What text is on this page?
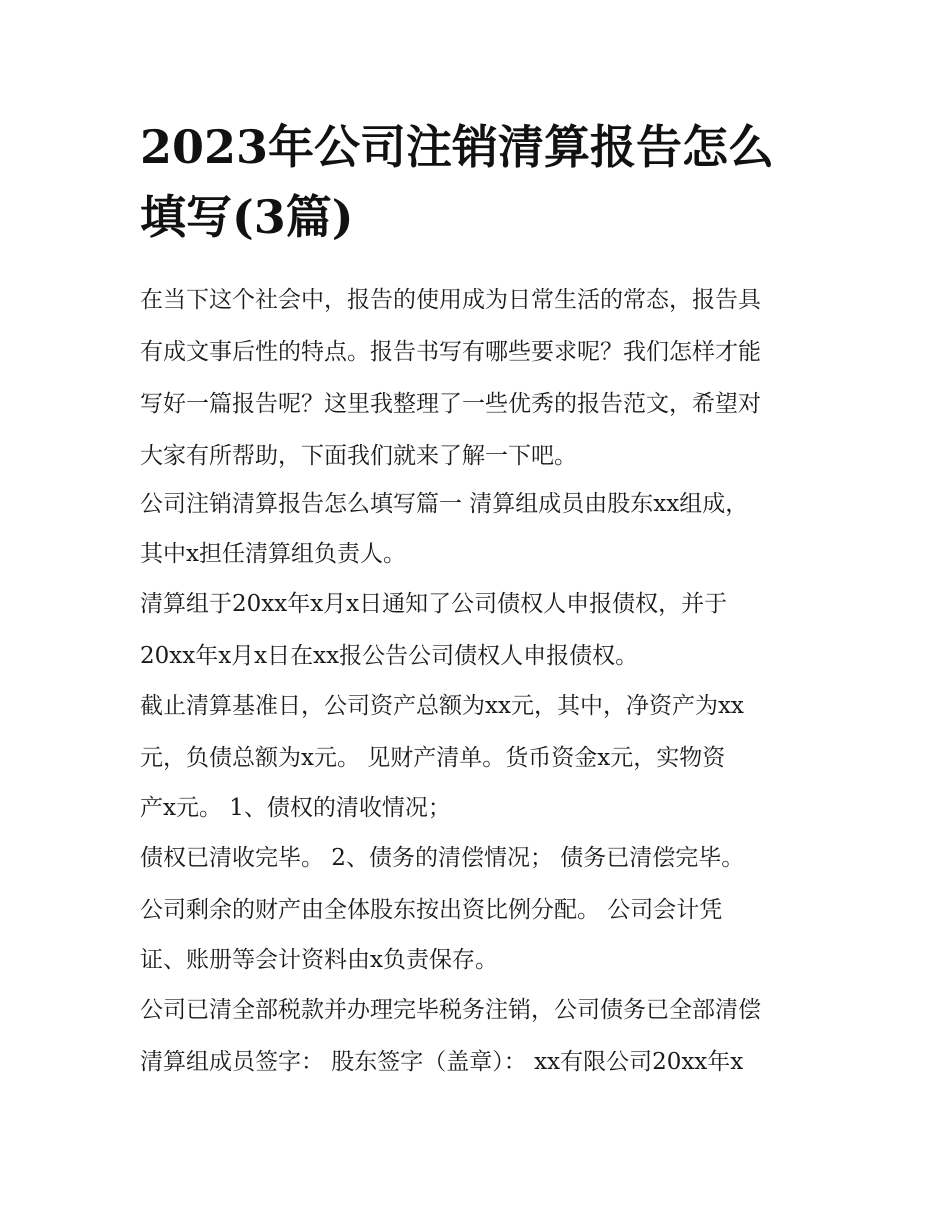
2023年公司注销清算报告怎么
填写(3篇)

在当下这个社会中，报告的使用成为日常生活的常态，报告具

有成文事后性的特点。报告书写有哪些要求呢？我们怎样才能

写好一篇报告呢？这里我整理了一些优秀的报告范文，希望对

大家有所帮助，下面我们就来了解一下吧。

公司注销清算报告怎么填写篇一 清算组成员由股东xx组成，

其中x担任清算组负责人。

清算组于20xx年x月x日通知了公司债权人申报债权，并于

20xx年x月x日在xx报公告公司债权人申报债权。

截止清算基准日，公司资产总额为xx元，其中，净资产为xx

元，负债总额为x元。 见财产清单。货币资金x元，实物资

产x元。 1、债权的清收情况；

债权已清收完毕。 2、债务的清偿情况； 债务已清偿完毕。

公司剩余的财产由全体股东按出资比例分配。 公司会计凭

证、账册等会计资料由x负责保存。

公司已清全部税款并办理完毕税务注销，公司债务已全部清偿

清算组成员签字： 股东签字（盖章）： xx有限公司20xx年x
